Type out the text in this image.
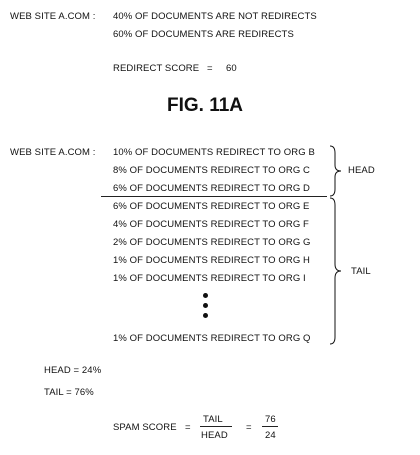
WEB SITE A.COM : 40% OF DOCUMENTS ARE NOT REDIRECTS
60% OF DOCUMENTS ARE REDIRECTS
REDIRECT SCORE = 60
FIG. 11A
WEB SITE A.COM : 10% OF DOCUMENTS REDIRECT TO ORG B
8% OF DOCUMENTS REDIRECT TO ORG C
6% OF DOCUMENTS REDIRECT TO ORG D
6% OF DOCUMENTS REDIRECT TO ORG E
4% OF DOCUMENTS REDIRECT TO ORG F
2% OF DOCUMENTS REDIRECT TO ORG G
1% OF DOCUMENTS REDIRECT TO ORG H
1% OF DOCUMENTS REDIRECT TO ORG I
1% OF DOCUMENTS REDIRECT TO ORG Q
HEAD
TAIL
HEAD = 24%
TAIL = 76%
SPAM SCORE =
TAIL
HEAD
=
76
24
